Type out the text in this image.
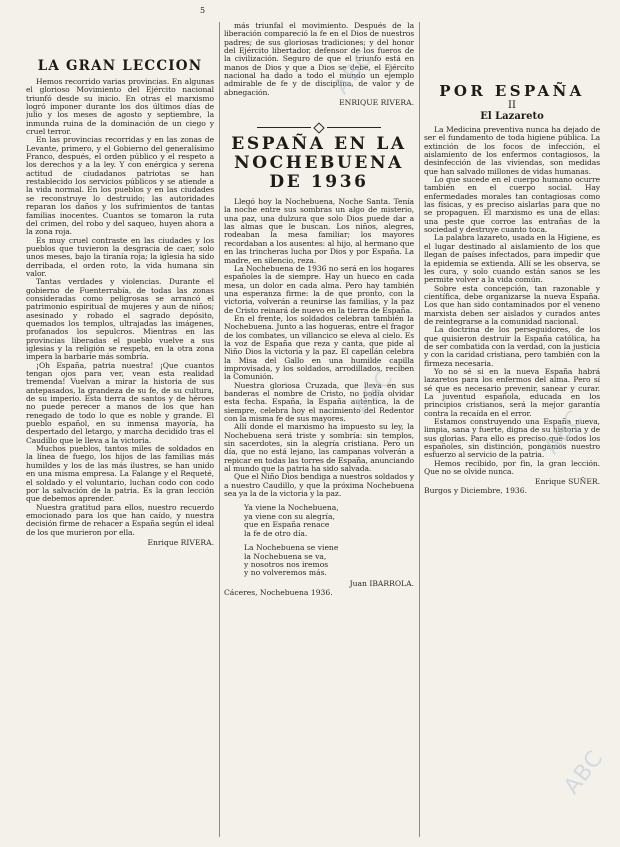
5
LA GRAN LECCION

Hemos recorrido varias provincias. En algunas el glorioso Movimiento del Ejército nacional triunfó desde su inicio. En otras el marxismo logró imponer durante los dos últimos días de julio y los meses de agosto y septiembre, la inmunda ruina de la dominación de un ciego y cruel terror.

En las provincias recorridas y en las zonas de Levante, primero, y el Gobierno del generalísimo Franco, después, el orden público y el respeto a los derechos y a la ley. Y con enérgica y serena actitud de ciudadanos patriotas se han restablecido los servicios públicos y se atiende a la vida normal. En los pueblos y en las ciudades se reconstruye lo destruido; las autoridades reparan los daños y los sufrimientos de tantas familias inocentes. Cuantos se tomaron la ruta del crimen, del robo y del saqueo, huyen ahora a la zona roja.

Es muy cruel contraste en las ciudades y los pueblos que tuvieron la desgracia de caer, solo unos meses, bajo la tiranía roja; la iglesia ha sido derribada, el orden roto, la vida humana sin valor.

Tantas verdades y violencias. Durante el gobierno de Fuenterrabía, de todas las zonas consideradas como peligrosas se arrancó el patrimonio espiritual de mujeres y aun de niños; asesinado y robado el sagrado depósito, quemados los templos, ultrajadas las imágenes, profanados los sepulcros. Mientras en las provincias liberadas el pueblo vuelve a sus iglesias y la religión se respeta, en la otra zona impera la barbarie más sombría.

¡Oh España, patria nuestra! ¡Que cuantos tengan ojos para ver, vean esta realidad tremenda! Vuelvan a mirar la historia de sus antepasados, la grandeza de su fe, de su cultura, de su imperio. Esta tierra de santos y de héroes no puede perecer a manos de los que han renegado de todo lo que es noble y grande. El pueblo español, en su inmensa mayoría, ha despertado del letargo, y marcha decidido tras el Caudillo que le lleva a la victoria.

Muchos pueblos, tantos miles de soldados en la línea de fuego, los hijos de las familias más humildes y los de las más ilustres, se han unido en una misma empresa. La Falange y el Requeté, el soldado y el voluntario, luchan codo con codo por la salvación de la patria. Es la gran lección que debemos aprender.

Nuestra gratitud para ellos, nuestro recuerdo emocionado para los que han caído, y nuestra decisión firme de rehacer a España según el ideal de los que murieron por ella.

Enrique RIVERA.

más triunfal el movimiento. Después de la liberación compareció la fe en el Dios de nuestros padres; de sus gloriosas tradiciones; y del honor del Ejército libertador, defensor de los fueros de la civilización. Seguro de que el triunfo está en manos de Dios y que a Dios se debe, el Ejército nacional ha dado a todo el mundo un ejemplo admirable de fe y de disciplina, de valor y de abnegación.

ENRIQUE RIVERA.
ESPAÑA EN LA NOCHEBUENA DE 1936

Llegó hoy la Nochebuena, Noche Santa. Tenía la noche entre sus sombras un algo de misterio, una paz, una dulzura que solo Dios puede dar a las almas que le buscan. Los niños, alegres, rodeaban la mesa familiar; los mayores recordaban a los ausentes: al hijo, al hermano que en las trincheras lucha por Dios y por España. La madre, en silencio, reza.

La Nochebuena de 1936 no será en los hogares españoles la de siempre. Hay un hueco en cada mesa, un dolor en cada alma. Pero hay también una esperanza firme: la de que pronto, con la victoria, volverán a reunirse las familias, y la paz de Cristo reinará de nuevo en la tierra de España.

En el frente, los soldados celebran también la Nochebuena. Junto a las hogueras, entre el fragor de los combates, un villancico se eleva al cielo. Es la voz de España que reza y canta, que pide al Niño Dios la victoria y la paz. El capellán celebra la Misa del Gallo en una humilde capilla improvisada, y los soldados, arrodillados, reciben la Comunión.

Nuestra gloriosa Cruzada, que lleva en sus banderas el nombre de Cristo, no podía olvidar esta fecha. España, la España auténtica, la de siempre, celebra hoy el nacimiento del Redentor con la misma fe de sus mayores.

Allí donde el marxismo ha impuesto su ley, la Nochebuena será triste y sombría: sin templos, sin sacerdotes, sin la alegría cristiana. Pero un día, que no está lejano, las campanas volverán a repicar en todas las torres de España, anunciando al mundo que la patria ha sido salvada.

Que el Niño Dios bendiga a nuestros soldados y a nuestro Caudillo, y que la próxima Nochebuena sea ya la de la victoria y la paz.

Ya viene la Nochebuena,
ya viene con su alegría,
que en España renace
la fe de otro día.
La Nochebuena se viene
la Nochebuena se va,
y nosotros nos iremos
y no volveremos más.
Juan IBARROLA.
Cáceres, Nochebuena 1936.
POR ESPAÑA
II
El Lazareto

La Medicina preventiva nunca ha dejado de ser el fundamento de toda higiene pública. La extinción de los focos de infección, el aislamiento de los enfermos contagiosos, la desinfección de las viviendas, son medidas que han salvado millones de vidas humanas.

Lo que sucede en el cuerpo humano ocurre también en el cuerpo social. Hay enfermedades morales tan contagiosas como las físicas, y es preciso aislarlas para que no se propaguen. El marxismo es una de ellas: una peste que corroe las entrañas de la sociedad y destruye cuanto toca.

La palabra lazareto, usada en la Higiene, es el lugar destinado al aislamiento de los que llegan de países infectados, para impedir que la epidemia se extienda. Allí se les observa, se les cura, y solo cuando están sanos se les permite volver a la vida común.

Sobre esta concepción, tan razonable y científica, debe organizarse la nueva España. Los que han sido contaminados por el veneno marxista deben ser aislados y curados antes de reintegrarse a la comunidad nacional.

La doctrina de los perseguidores, de los que quisieron destruir la España católica, ha de ser combatida con la verdad, con la justicia y con la caridad cristiana, pero también con la firmeza necesaria.

Yo no sé si en la nueva España habrá lazaretos para los enfermos del alma. Pero sí sé que es necesario prevenir, sanear y curar. La juventud española, educada en los principios cristianos, será la mejor garantía contra la recaída en el error.

Estamos construyendo una España nueva, limpia, sana y fuerte, digna de su historia y de sus glorias. Para ello es preciso que todos los españoles, sin distinción, pongamos nuestro esfuerzo al servicio de la patria.

Hemos recibido, por fin, la gran lección. Que no se olvide nunca.

Enrique SUÑER.
Burgos y Diciembre, 1936.
ABC
ABC
ABC
ABC
